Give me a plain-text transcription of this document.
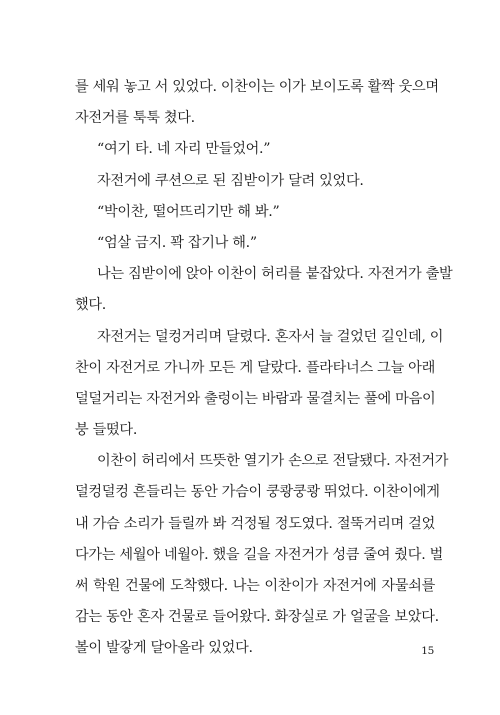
를 세워 놓고 서 있었다. 이찬이는 이가 보이도록 활짝 웃으며
자전거를 툭툭 쳤다.
“여기 타. 네 자리 만들었어.”
자전거에 쿠션으로 된 짐받이가 달려 있었다.
“박이찬, 떨어뜨리기만 해 봐.”
“엄살 금지. 꽉 잡기나 해.”
나는 짐받이에 앉아 이찬이 허리를 붙잡았다. 자전거가 출발
했다.
자전거는 덜컹거리며 달렸다. 혼자서 늘 걸었던 길인데, 이
찬이 자전거로 가니까 모든 게 달랐다. 플라타너스 그늘 아래
덜덜거리는 자전거와 출렁이는 바람과 물결치는 풀에 마음이
붕 들떴다.
이찬이 허리에서 뜨뜻한 열기가 손으로 전달됐다. 자전거가
덜컹덜컹 흔들리는 동안 가슴이 쿵쾅쿵쾅 뛰었다. 이찬이에게
내 가슴 소리가 들릴까 봐 걱정될 정도였다. 절뚝거리며 걸었
다가는 세월아 네월아. 했을 길을 자전거가 성큼 줄여 줬다. 벌
써 학원 건물에 도착했다. 나는 이찬이가 자전거에 자물쇠를
감는 동안 혼자 건물로 들어왔다. 화장실로 가 얼굴을 보았다.
볼이 발갛게 달아올라 있었다.	15
